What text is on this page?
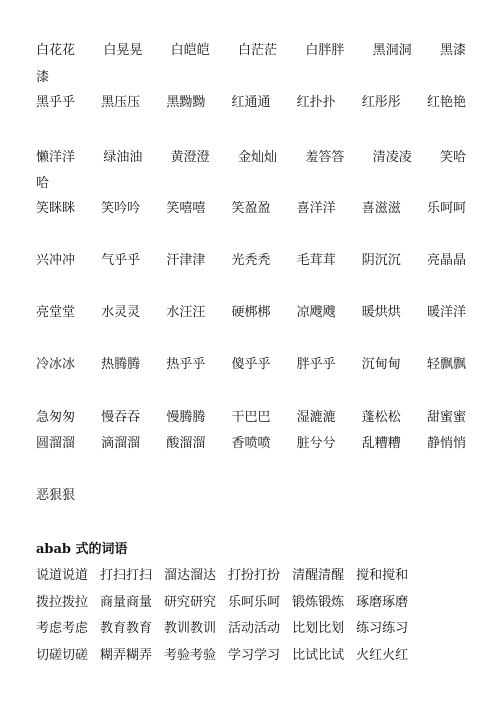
白花花 白晃晃 白皑皑 白茫茫 白胖胖 黑洞洞 黑漆
漆
黑乎乎 黑压压 黑黝黝 红通通 红扑扑 红彤彤 红艳艳
懒洋洋 绿油油 黄澄澄 金灿灿 羞答答 清凌凌 笑哈
哈
笑眯眯 笑吟吟 笑嘻嘻 笑盈盈 喜洋洋 喜滋滋 乐呵呵
兴冲冲 气乎乎 汗津津 光秃秃 毛茸茸 阴沉沉 亮晶晶
亮堂堂 水灵灵 水汪汪 硬梆梆 凉飕飕 暖烘烘 暖洋洋
冷冰冰 热腾腾 热乎乎 傻乎乎 胖乎乎 沉甸甸 轻飘飘
急匆匆 慢吞吞 慢腾腾 干巴巴 湿漉漉 蓬松松 甜蜜蜜
圆溜溜 滴溜溜 酸溜溜 香喷喷 脏兮兮 乱糟糟 静悄悄
恶狠狠
abab 式的词语
说道说道 打扫打扫 溜达溜达 打扮打扮 清醒清醒 搅和搅和
拨拉拨拉 商量商量 研究研究 乐呵乐呵 锻炼锻炼 琢磨琢磨
考虑考虑 教育教育 教训教训 活动活动 比划比划 练习练习
切磋切磋 糊弄糊弄 考验考验 学习学习 比试比试 火红火红
